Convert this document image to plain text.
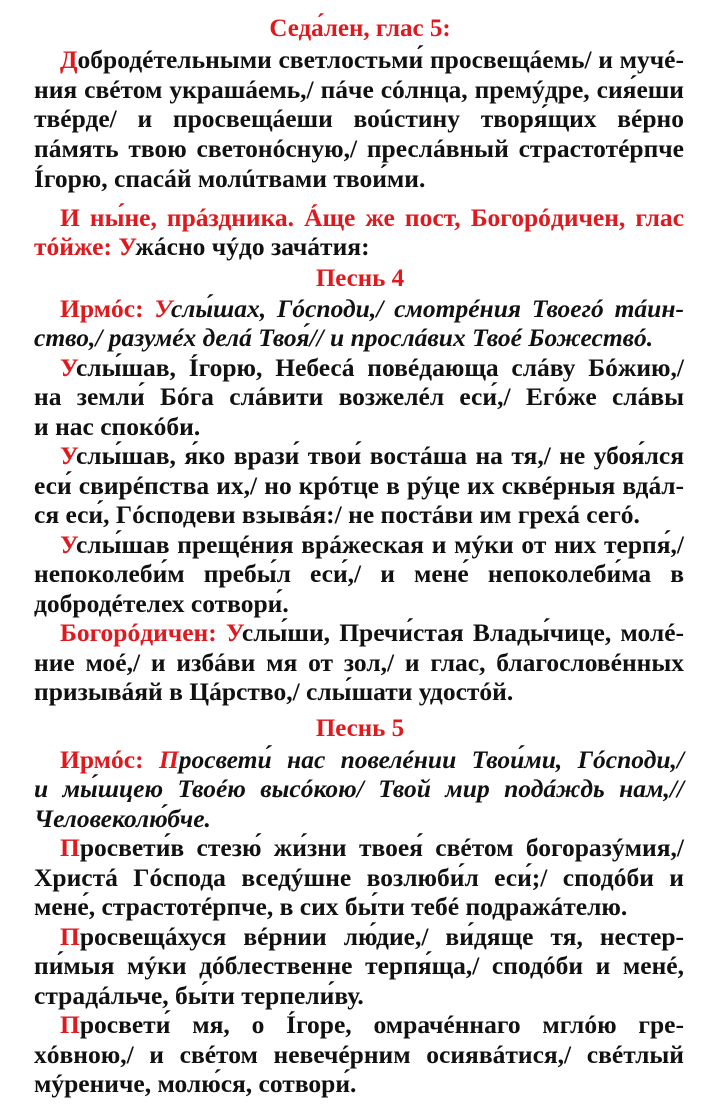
Седа́лен, глас 5:
Добродéтельными светлостьми́ просвещáемь/ и мучé-
ния свéтом украшáемь,/ пáче сóлнца, премýдре, сия́еши
твéрде/ и просвещáеши воúстину творя́щих вéрно
пáмять твою светонóсную,/ преслáвный страстотéрпче
Íгорю, спасáй молúтвами твои́ми.
И ны́не, прáздника. Áще же пост, Богорóдичен, глас
тóйже: Ужáсно чýдо зачáтия:
Песнь 4
Ирмóс: Услы́шах, Гóсподи,/ смотрéния Твоегó тáин-
ство,/ разумéх делá Твоя́// и прослáвих Твоé Божествó.
Услы́шав, Íгорю, Небесá повéдающа слáву Бóжию,/
на земли́ Бóга слáвити возжелéл еси́,/ Егóже слáвы
и нас спокóби.
Услы́шав, я́ко врази́ твои́ востáша на тя,/ не убоя́лся
еси́ свирéпства их,/ но крóтце в рýце их сквéрныя вдáл-
ся еси́, Гóсподеви взывáя:/ не постáви им грехá сегó.
Услы́шав прещéния врáжеская и мýки от них терпя́,/
непоколеби́м пребы́л еси́,/ и мене́ непоколеби́ма в
добродéтелех сотвори́.
Богорóдичен: Услы́ши, Пречи́стая Влады́чице, молé-
ние моé,/ и избáви мя от зол,/ и глас, благословéнных
призывáяй в Цáрство,/ слы́шати удостóй.
Песнь 5
Ирмóс: Просвети́ нас повелéнии Твои́ми, Гóсподи,/
и мы́шцею Твоéю высóкою/ Твой мир подáждь нам,//
Человеколю́бче.
Просвети́в стезю́ жи́зни твоея́ свéтом богоразýмия,/
Христá Гóспода вседýшне возлюби́л еси́;/ сподóби и
мене́, страстотéрпче, в сих бы́ти тебé подражáтелю.
Просвещáхуся вéрнии лю́дие,/ ви́дяще тя, нестер-
пи́мыя мýки дóблественне терпя́ща,/ сподóби и менé,
страдáльче, бы́ти терпели́ву.
Просвети́ мя, о Íгоре, омрачéннаго мглóю гре-
хóвною,/ и свéтом невечéрним осиявáтися,/ свéтлый
мýрениче, молю́ся, сотвори́.
